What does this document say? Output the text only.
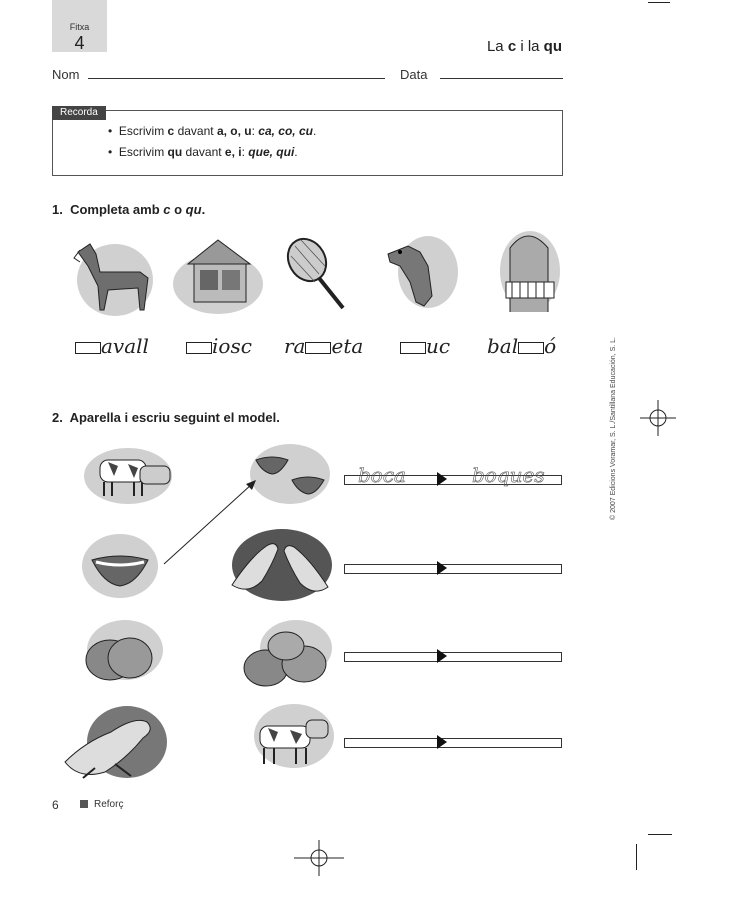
Fitxa
4	La c i la qu
Nom	Data
Recorda
•  Escrivim c davant a, o, u: ca, co, cu.
•  Escrivim qu davant e, i: que, qui.
1. Completa amb c o qu.
avall	iosc ra eta	uc bal ó
2. Aparella i escriu seguint el model.
boca	boques	© 2007 Edicions Voramar, S. L./Santillana Educación, S. L.
6	Reforç
